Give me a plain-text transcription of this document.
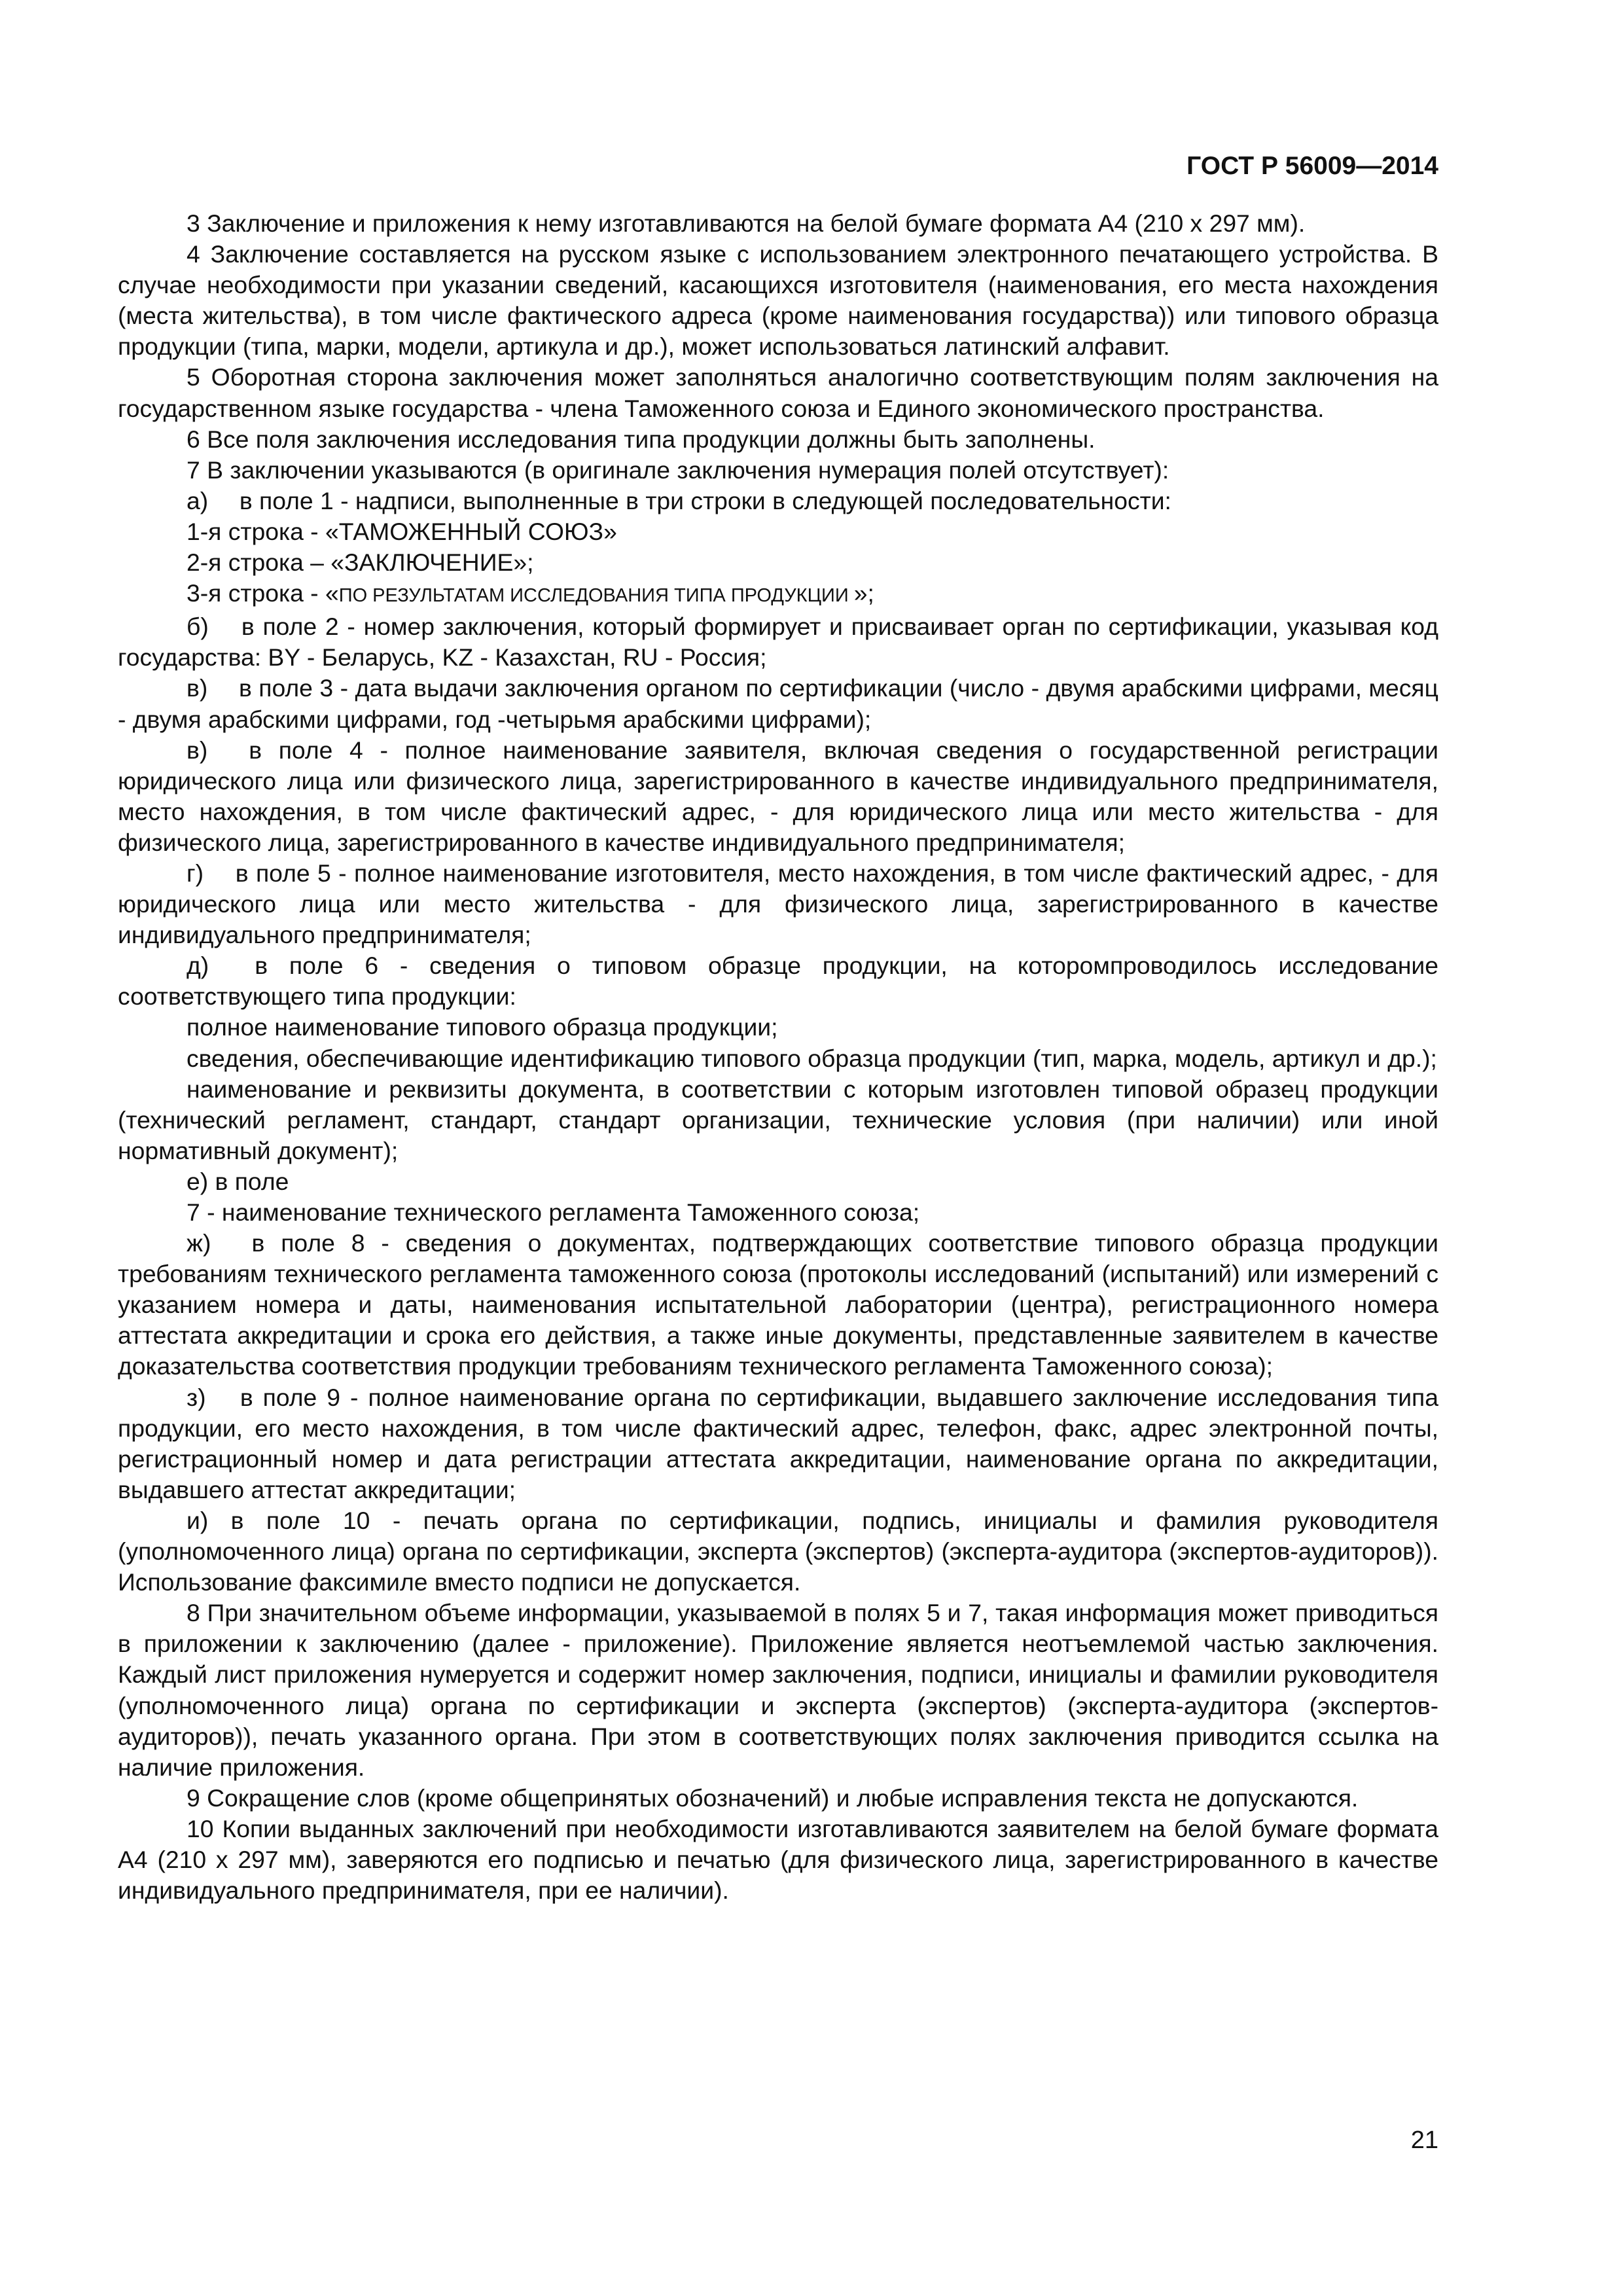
ГОСТ Р 56009—2014

3 Заключение и приложения к нему изготавливаются на белой бумаге формата А4 (210 х 297 мм).

4 Заключение составляется на русском языке с использованием электронного печатающего устройства. В случае необходимости при указании сведений, касающихся изготовителя (наименования, его места нахождения (места жительства), в том числе фактического адреса (кроме наименования государства)) или типового образца продукции (типа, марки, модели, артикула и др.), может использоваться латинский алфавит.

5 Оборотная сторона заключения может заполняться аналогично соответствующим полям заключения на государственном языке государства - члена Таможенного союза и Единого экономического пространства.

6 Все поля заключения исследования типа продукции должны быть заполнены.

7 В заключении указываются (в оригинале заключения нумерация полей отсутствует):

а)  в поле 1 - надписи, выполненные в три строки в следующей последовательности:

1-я строка - «ТАМОЖЕННЫЙ СОЮЗ»

2-я строка – «ЗАКЛЮЧЕНИЕ»;

3-я строка - «ПО РЕЗУЛЬТАТАМ ИССЛЕДОВАНИЯ ТИПА ПРОДУКЦИИ »;

б)  в поле 2 - номер заключения, который формирует и присваивает орган по сертификации, указывая код государства: BY - Беларусь, KZ - Казахстан, RU - Россия;

в)  в поле 3 - дата выдачи заключения органом по сертификации (число - двумя арабскими цифрами, месяц - двумя арабскими цифрами, год -четырьмя арабскими цифрами);

в)  в поле 4 - полное наименование заявителя, включая сведения о государственной регистрации юридического лица или физического лица, зарегистрированного в качестве индивидуального предпринимателя, место нахождения, в том числе фактический адрес, - для юридического лица или место жительства - для физического лица, зарегистрированного в качестве индивидуального предпринимателя;

г)  в поле 5 - полное наименование изготовителя, место нахождения, в том числе фактический адрес, - для юридического лица или место жительства - для физического лица, зарегистрированного в качестве индивидуального предпринимателя;

д)  в поле 6 - сведения о типовом образце продукции, на которомпроводилось исследование соответствующего типа продукции:

полное наименование типового образца продукции;

сведения, обеспечивающие идентификацию типового образца продукции (тип, марка, модель, артикул и др.);

наименование и реквизиты документа, в соответствии с которым изготовлен типовой образец продукции (технический регламент, стандарт, стандарт организации, технические условия (при наличии) или иной нормативный документ);

е) в поле

7 - наименование технического регламента Таможенного союза;

ж)  в поле 8 - сведения о документах, подтверждающих соответствие типового образца продукции требованиям технического регламента таможенного союза (протоколы исследований (испытаний) или измерений с указанием номера и даты, наименования испытательной лаборатории (центра), регистрационного номера аттестата аккредитации и срока его действия, а также иные документы, представленные заявителем в качестве доказательства соответствия продукции требованиям технического регламента Таможенного союза);

з)  в поле 9 - полное наименование органа по сертификации, выдавшего заключение исследования типа продукции, его место нахождения, в том числе фактический адрес, телефон, факс, адрес электронной почты, регистрационный номер и дата регистрации аттестата аккредитации, наименование органа по аккредитации, выдавшего аттестат аккредитации;

и) в поле 10 - печать органа по сертификации, подпись, инициалы и фамилия руководителя (уполномоченного лица) органа по сертификации, эксперта (экспертов) (эксперта-аудитора (экспертов-аудиторов)). Использование факсимиле вместо подписи не допускается.

8 При значительном объеме информации, указываемой в полях 5 и 7, такая информация может приводиться в приложении к заключению (далее - приложение). Приложение является неотъемлемой частью заключения. Каждый лист приложения нумеруется и содержит номер заключения, подписи, инициалы и фамилии руководителя (уполномоченного лица) органа по сертификации и эксперта (экспертов) (эксперта-аудитора (экспертов-аудиторов)), печать указанного органа. При этом в соответствующих полях заключения приводится ссылка на наличие приложения.

9 Сокращение слов (кроме общепринятых обозначений) и любые исправления текста не допускаются.

10 Копии выданных заключений при необходимости изготавливаются заявителем на белой бумаге формата А4 (210 х 297 мм), заверяются его подписью и печатью (для физического лица, зарегистрированного в качестве индивидуального предпринимателя, при ее наличии).

21
